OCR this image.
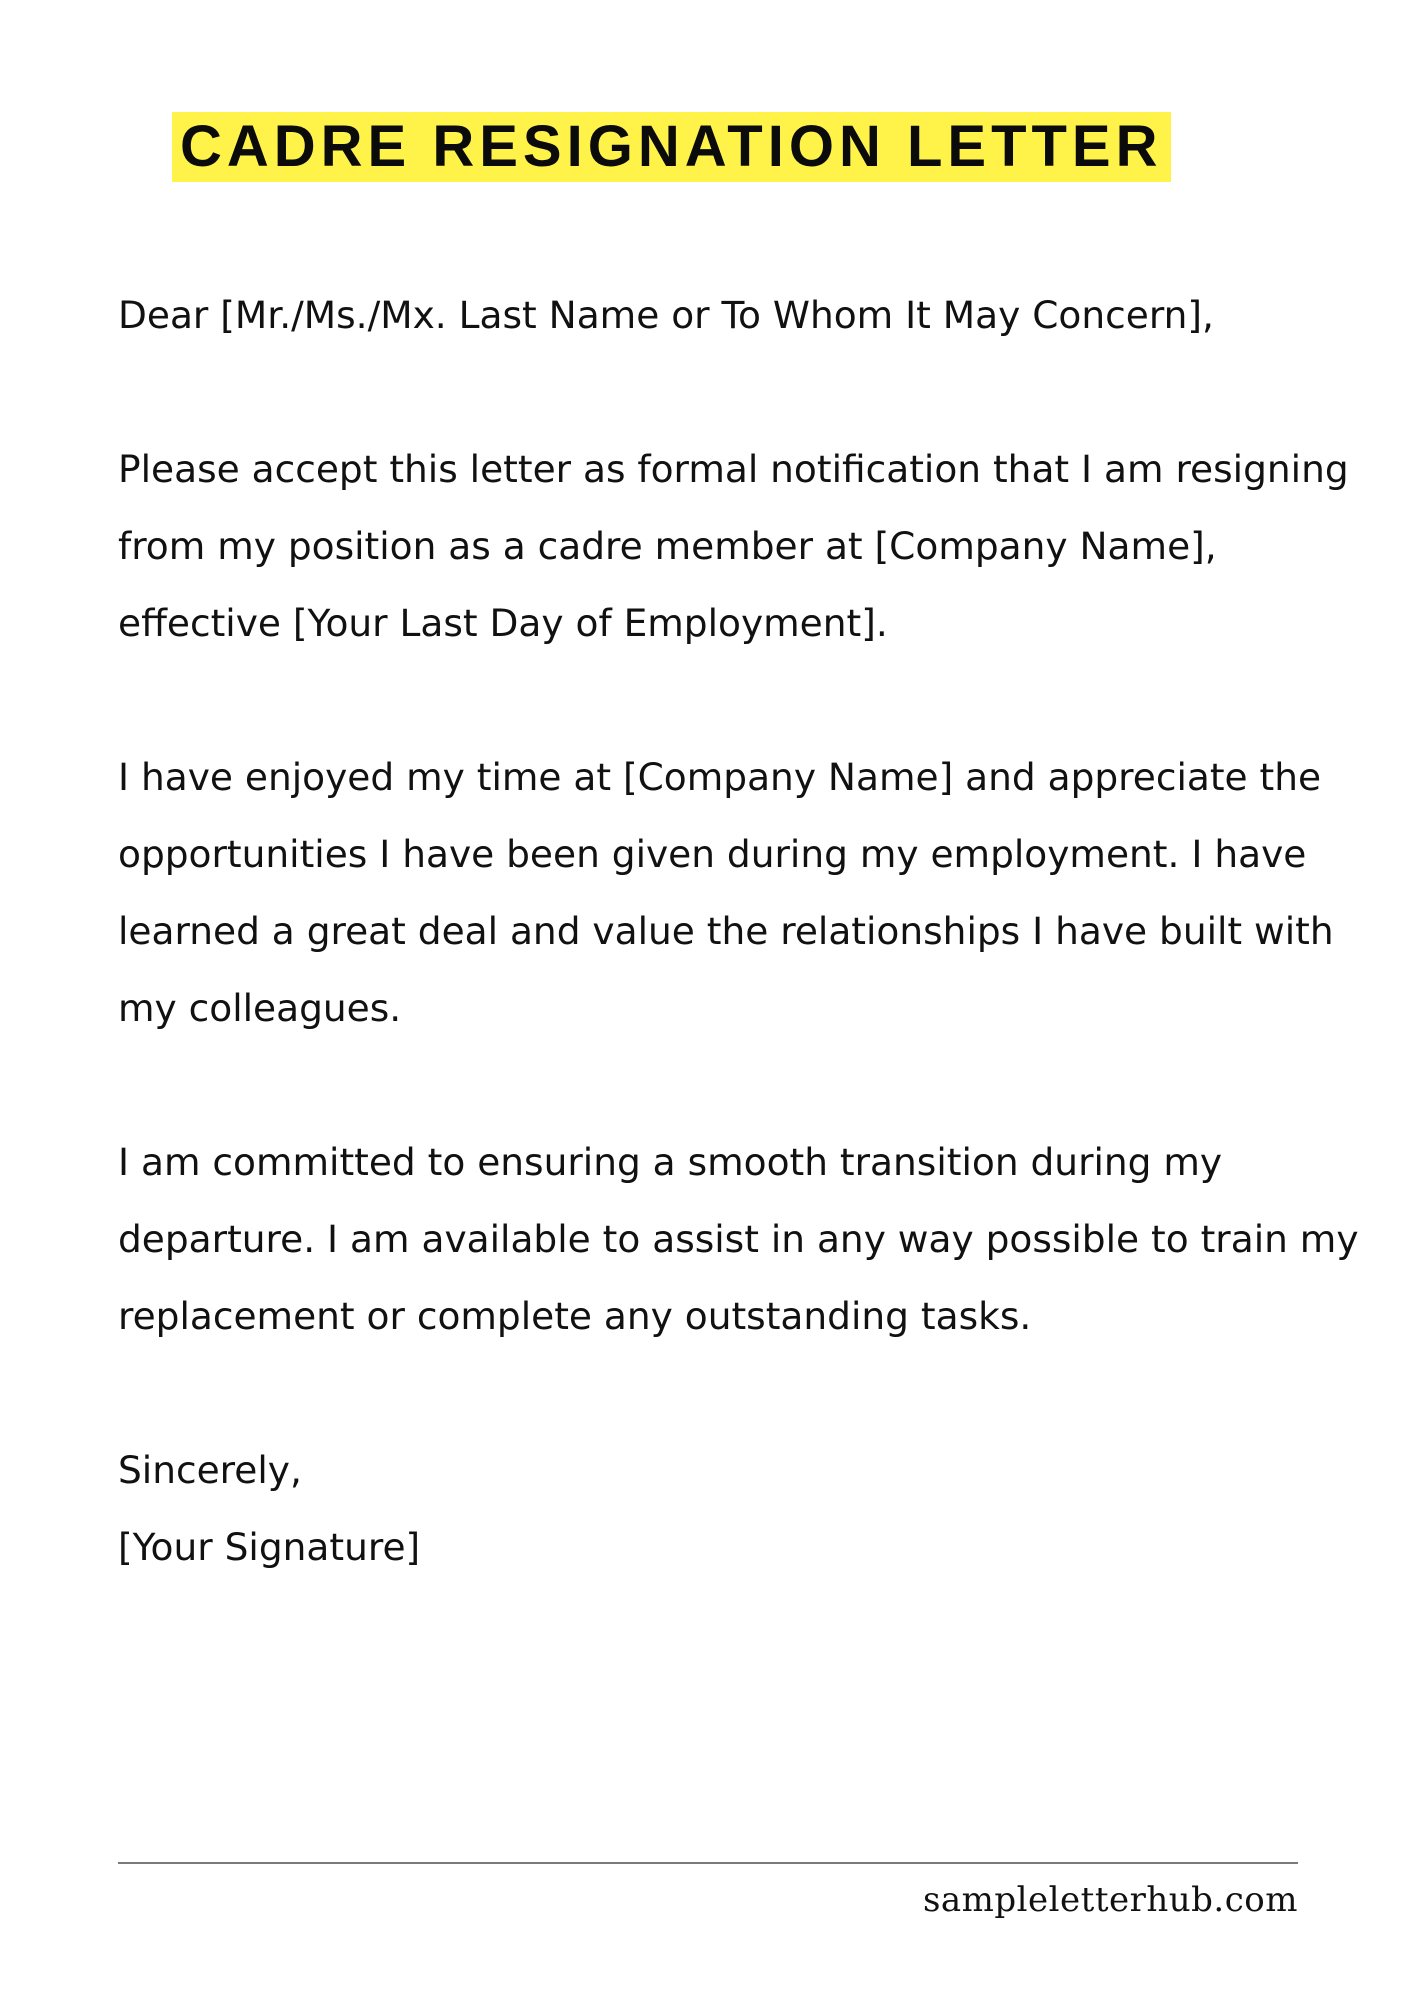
CADRE RESIGNATION LETTER

Dear [Mr./Ms./Mx. Last Name or To Whom It May Concern],

Please accept this letter as formal notification that I am resigning from my position as a cadre member at [Company Name], effective [Your Last Day of Employment].

I have enjoyed my time at [Company Name] and appreciate the opportunities I have been given during my employment. I have learned a great deal and value the relationships I have built with my colleagues.

I am committed to ensuring a smooth transition during my departure. I am available to assist in any way possible to train my replacement or complete any outstanding tasks.

Sincerely,

[Your Signature]

sampleletterhub.com
